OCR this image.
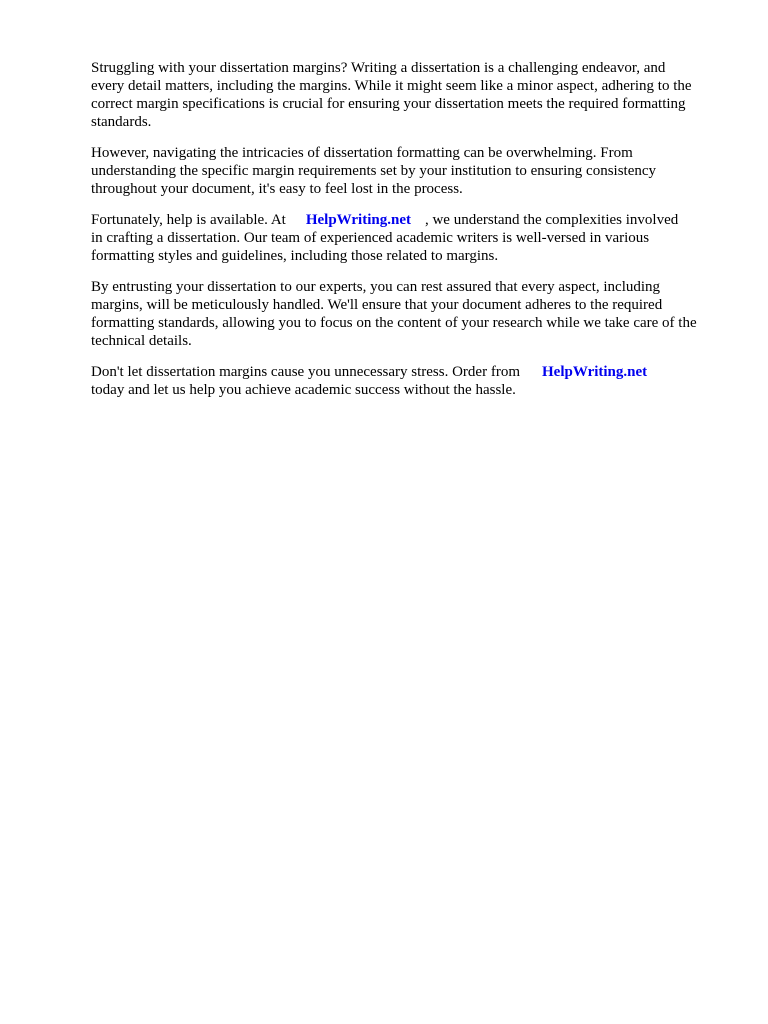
Struggling with your dissertation margins? Writing a dissertation is a challenging endeavor, and
every detail matters, including the margins. While it might seem like a minor aspect, adhering to the
correct margin specifications is crucial for ensuring your dissertation meets the required formatting
standards.

However, navigating the intricacies of dissertation formatting can be overwhelming. From
understanding the specific margin requirements set by your institution to ensuring consistency
throughout your document, it's easy to feel lost in the process.

Fortunately, help is available. At HelpWriting.net , we understand the complexities involved
in crafting a dissertation. Our team of experienced academic writers is well-versed in various
formatting styles and guidelines, including those related to margins.

By entrusting your dissertation to our experts, you can rest assured that every aspect, including
margins, will be meticulously handled. We'll ensure that your document adheres to the required
formatting standards, allowing you to focus on the content of your research while we take care of the
technical details.

Don't let dissertation margins cause you unnecessary stress. Order from HelpWriting.net
today and let us help you achieve academic success without the hassle.
